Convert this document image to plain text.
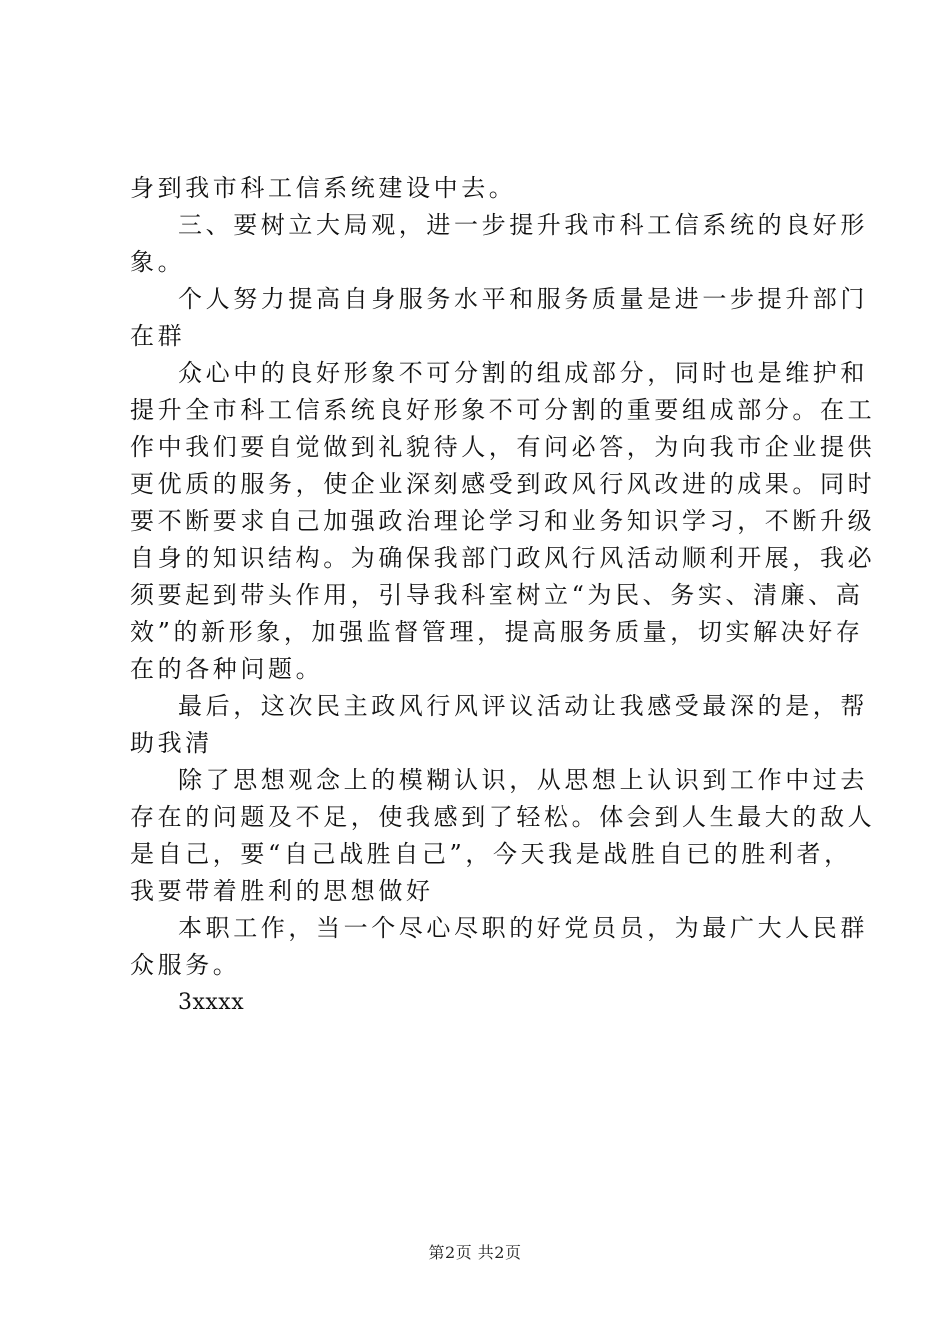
身到我市科工信系统建设中去。
三、要树立大局观，进一步提升我市科工信系统的良好形
象。
个人努力提高自身服务水平和服务质量是进一步提升部门
在群
众心中的良好形象不可分割的组成部分，同时也是维护和
提升全市科工信系统良好形象不可分割的重要组成部分。在工
作中我们要自觉做到礼貌待人，有问必答，为向我市企业提供
更优质的服务，使企业深刻感受到政风行风改进的成果。同时
要不断要求自己加强政治理论学习和业务知识学习，不断升级
自身的知识结构。为确保我部门政风行风活动顺利开展，我必
须要起到带头作用，引导我科室树立“为民、务实、清廉、高
效”的新形象，加强监督管理，提高服务质量，切实解决好存
在的各种问题。
最后，这次民主政风行风评议活动让我感受最深的是，帮
助我清
除了思想观念上的模糊认识，从思想上认识到工作中过去
存在的问题及不足，使我感到了轻松。体会到人生最大的敌人
是自己，要“自己战胜自己”，今天我是战胜自已的胜利者，
我要带着胜利的思想做好
本职工作，当一个尽心尽职的好党员员，为最广大人民群
众服务。
3xxxx
第2页 共2页
